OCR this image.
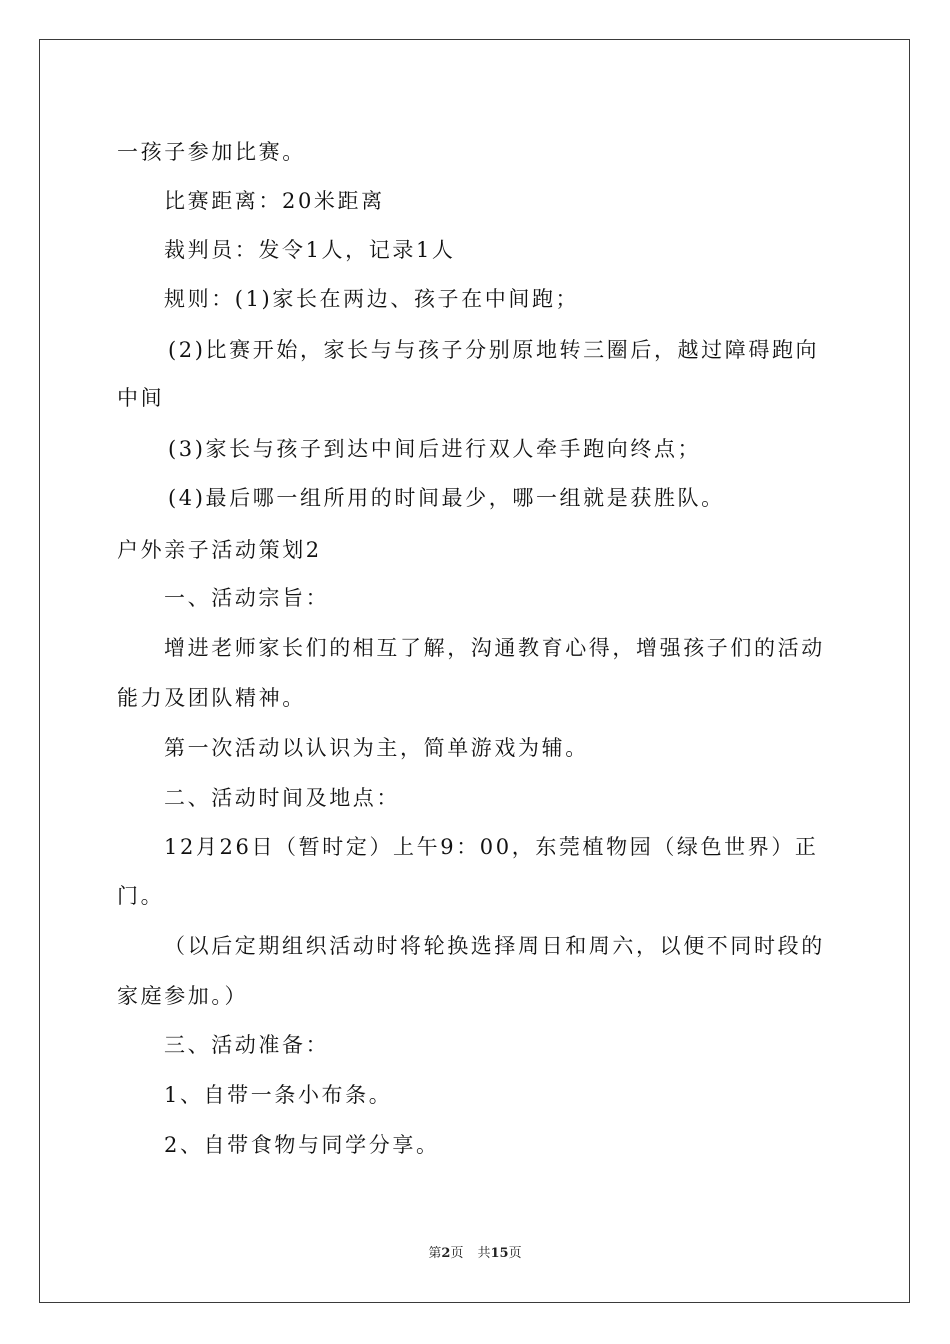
一孩子参加比赛。
比赛距离：20米距离
裁判员：发令1人，记录1人
规则：(1)家长在两边、孩子在中间跑；
(2)比赛开始，家长与与孩子分别原地转三圈后，越过障碍跑向
中间
(3)家长与孩子到达中间后进行双人牵手跑向终点；
(4)最后哪一组所用的时间最少，哪一组就是获胜队。
户外亲子活动策划2
一、活动宗旨：
增进老师家长们的相互了解，沟通教育心得，增强孩子们的活动
能力及团队精神。
第一次活动以认识为主，简单游戏为辅。
二、活动时间及地点：
12月26日（暂时定）上午9：00，东莞植物园（绿色世界）正
门。
（以后定期组织活动时将轮换选择周日和周六，以便不同时段的
家庭参加。）
三、活动准备：
1、自带一条小布条。
2、自带食物与同学分享。
第2页 共15页
